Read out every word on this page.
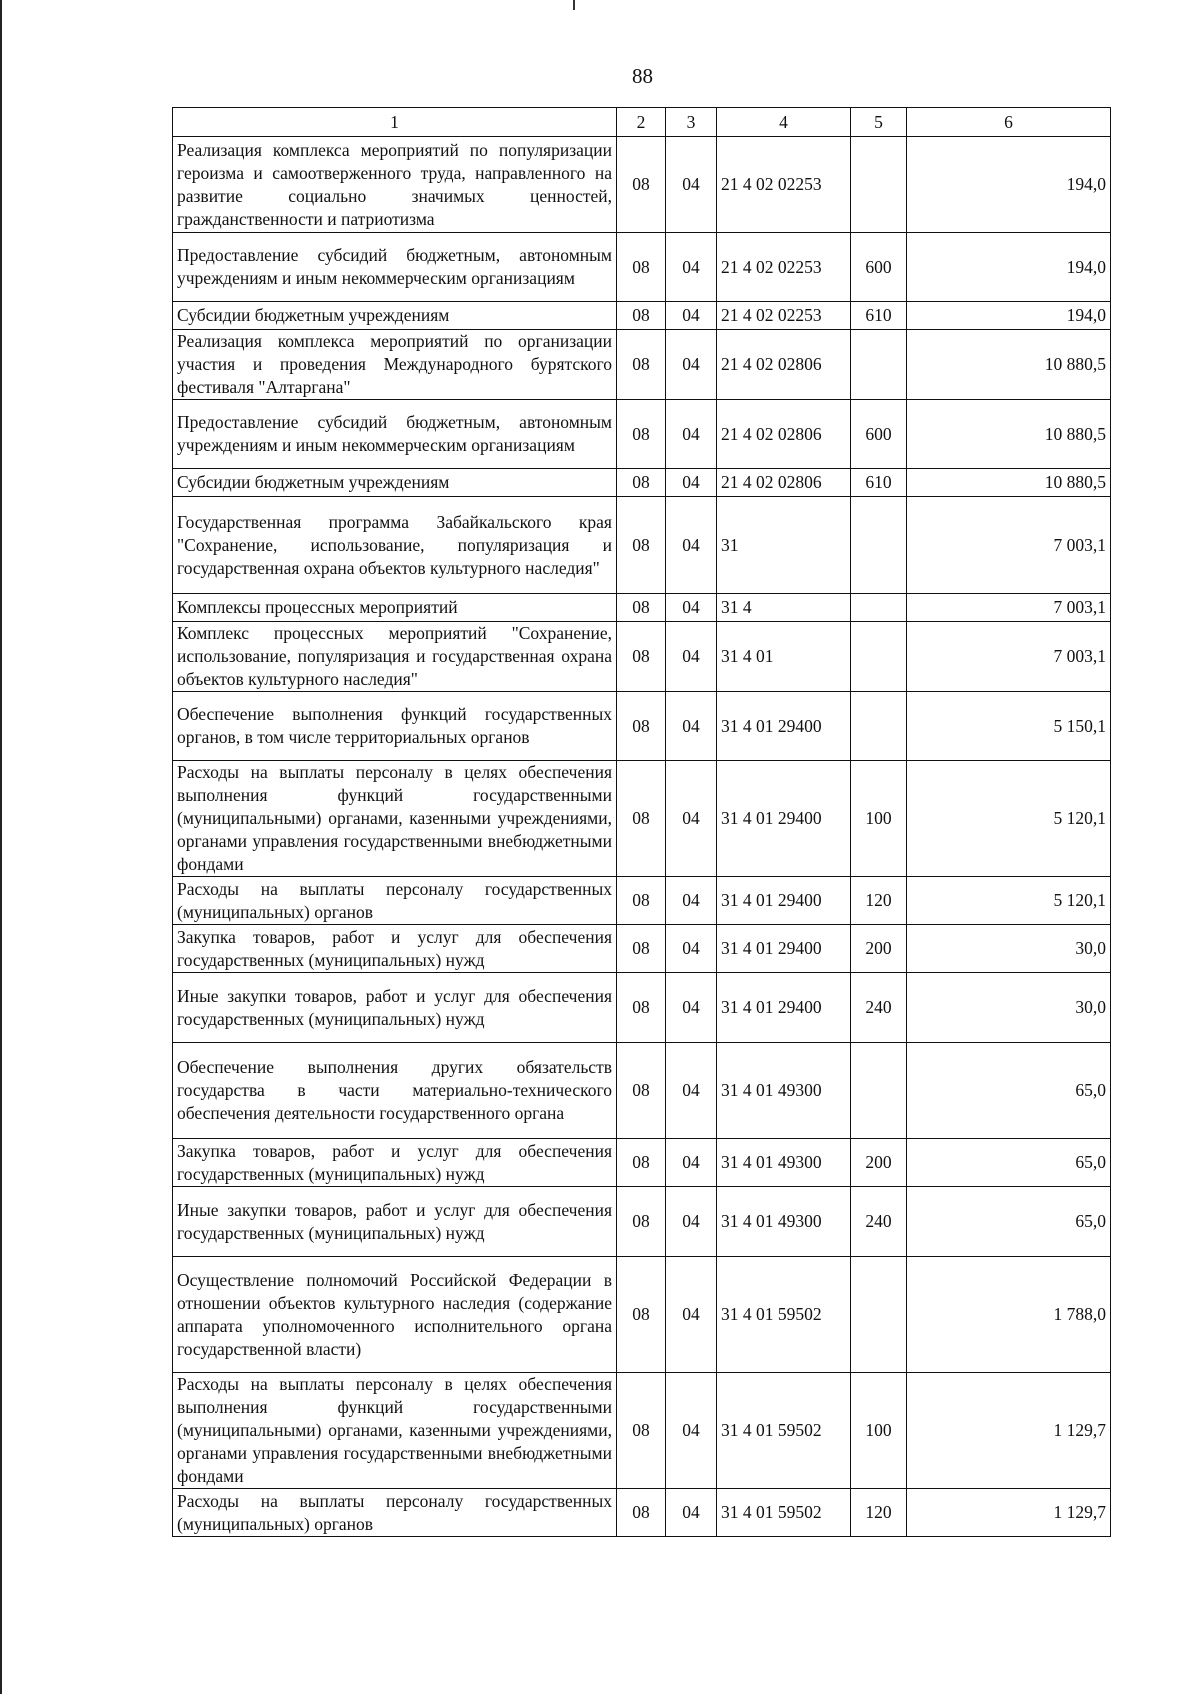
88
1	2	3	4	5	6
Реализация комплекса мероприятий по популяризации героизма и самоотверженного труда, направленного на развитие социально значимых ценностей, гражданственности и патриотизма	08	04	21 4 02 02253		194,0
Предоставление субсидий бюджетным, автономным учреждениям и иным некоммерческим организациям	08	04	21 4 02 02253	600	194,0
Субсидии бюджетным учреждениям	08	04	21 4 02 02253	610	194,0
Реализация комплекса мероприятий по организации участия и проведения Международного бурятского фестиваля "Алтаргана"	08	04	21 4 02 02806		10 880,5
Предоставление субсидий бюджетным, автономным учреждениям и иным некоммерческим организациям	08	04	21 4 02 02806	600	10 880,5
Субсидии бюджетным учреждениям	08	04	21 4 02 02806	610	10 880,5
Государственная программа Забайкальского края "Сохранение, использование, популяризация и государственная охрана объектов культурного наследия"	08	04	31		7 003,1
Комплексы процессных мероприятий	08	04	31 4		7 003,1
Комплекс процессных мероприятий "Сохранение, использование, популяризация и государственная охрана объектов культурного наследия"	08	04	31 4 01		7 003,1
Обеспечение выполнения функций государственных органов, в том числе территориальных органов	08	04	31 4 01 29400		5 150,1
Расходы на выплаты персоналу в целях обеспечения выполнения функций государственными (муниципальными) органами, казенными учреждениями, органами управления государственными внебюджетными фондами	08	04	31 4 01 29400	100	5 120,1
Расходы на выплаты персоналу государственных (муниципальных) органов	08	04	31 4 01 29400	120	5 120,1
Закупка товаров, работ и услуг для обеспечения государственных (муниципальных) нужд	08	04	31 4 01 29400	200	30,0
Иные закупки товаров, работ и услуг для обеспечения государственных (муниципальных) нужд	08	04	31 4 01 29400	240	30,0
Обеспечение выполнения других обязательств государства в части материально-технического обеспечения деятельности государственного органа	08	04	31 4 01 49300		65,0
Закупка товаров, работ и услуг для обеспечения государственных (муниципальных) нужд	08	04	31 4 01 49300	200	65,0
Иные закупки товаров, работ и услуг для обеспечения государственных (муниципальных) нужд	08	04	31 4 01 49300	240	65,0
Осуществление полномочий Российской Федерации в отношении объектов культурного наследия (содержание аппарата уполномоченного исполнительного органа государственной власти)	08	04	31 4 01 59502		1 788,0
Расходы на выплаты персоналу в целях обеспечения выполнения функций государственными (муниципальными) органами, казенными учреждениями, органами управления государственными внебюджетными фондами	08	04	31 4 01 59502	100	1 129,7
Расходы на выплаты персоналу государственных (муниципальных) органов	08	04	31 4 01 59502	120	1 129,7
